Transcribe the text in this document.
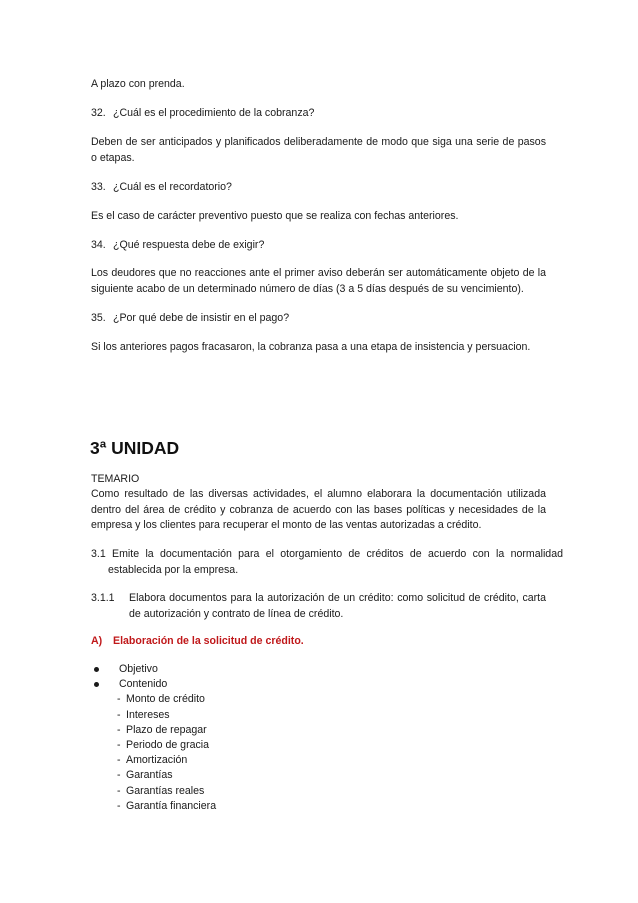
A plazo con prenda.

32. ¿Cuál es el procedimiento de la cobranza?

Deben de ser anticipados y planificados deliberadamente de modo que siga una serie de pasos o etapas.

33. ¿Cuál es el recordatorio?

Es el caso de carácter preventivo puesto que se realiza con fechas anteriores.

34. ¿Qué respuesta debe de exigir?

Los deudores que no reacciones ante el primer aviso deberán ser automáticamente objeto de la siguiente acabo de un determinado número de días (3 a 5 días después de su vencimiento).

35. ¿Por qué debe de insistir en el pago?

Si los anteriores pagos fracasaron, la cobranza pasa a una etapa de insistencia y persuacion.

3ª UNIDAD

TEMARIO

Como resultado de las diversas actividades, el alumno elaborara la documentación utilizada dentro del área de crédito y cobranza de acuerdo con las bases políticas y necesidades de la empresa y los clientes para recuperar el monto de las ventas autorizadas a crédito.

3.1 Emite la documentación para el otorgamiento de créditos de acuerdo con la normalidad establecida por la empresa.

3.1.1	Elabora documentos para la autorización de un crédito: como solicitud de crédito, carta de autorización y contrato de línea de crédito.
A)	Elaboración de la solicitud de crédito.
Objetivo
Contenido
- Monto de crédito
- Intereses
- Plazo de repagar
- Periodo de gracia
- Amortización
- Garantías
- Garantías reales
- Garantía financiera
